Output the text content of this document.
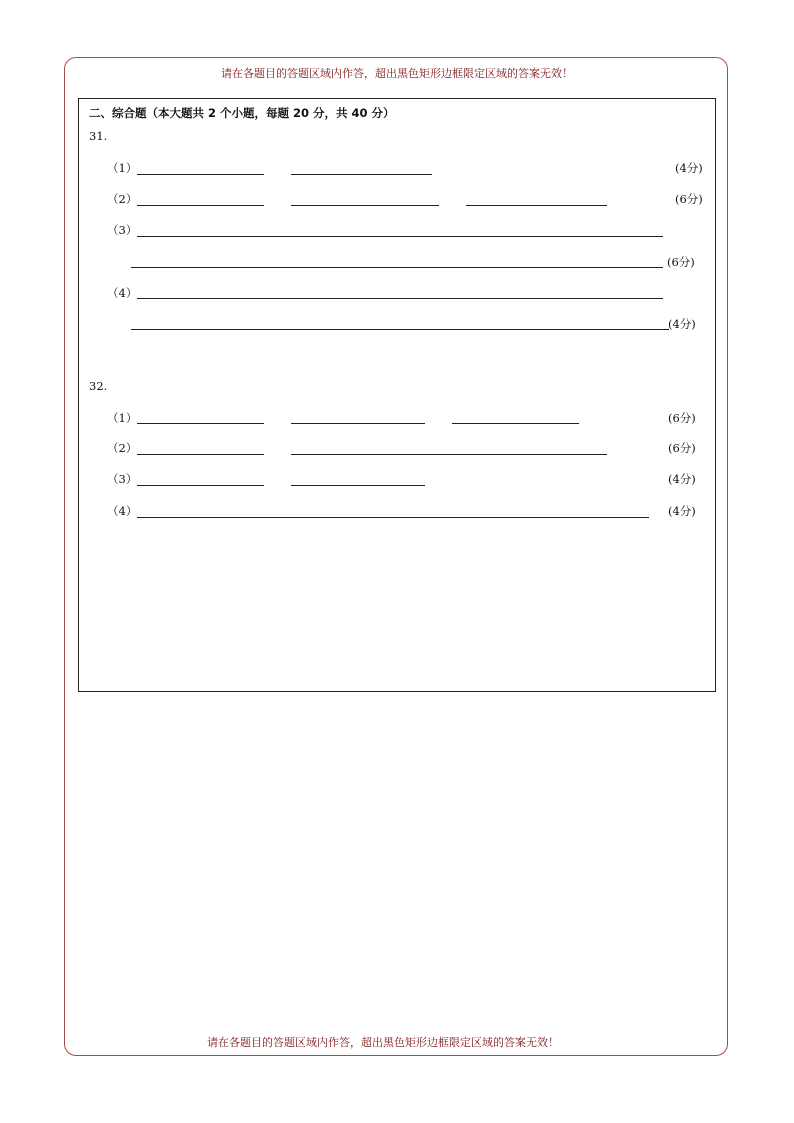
请在各题目的答题区域内作答，超出黑色矩形边框限定区域的答案无效！
二、综合题（本大题共 2 个小题，每题 20 分，共 40 分）
31.
（1）	(4分)
（2）	(6分)
（3）
(6分)
（4）
(4分)
32.
（1）	(6分)
（2）	(6分)
（3）	(4分)
（4）	(4分)
请在各题目的答题区域内作答，超出黑色矩形边框限定区域的答案无效！
